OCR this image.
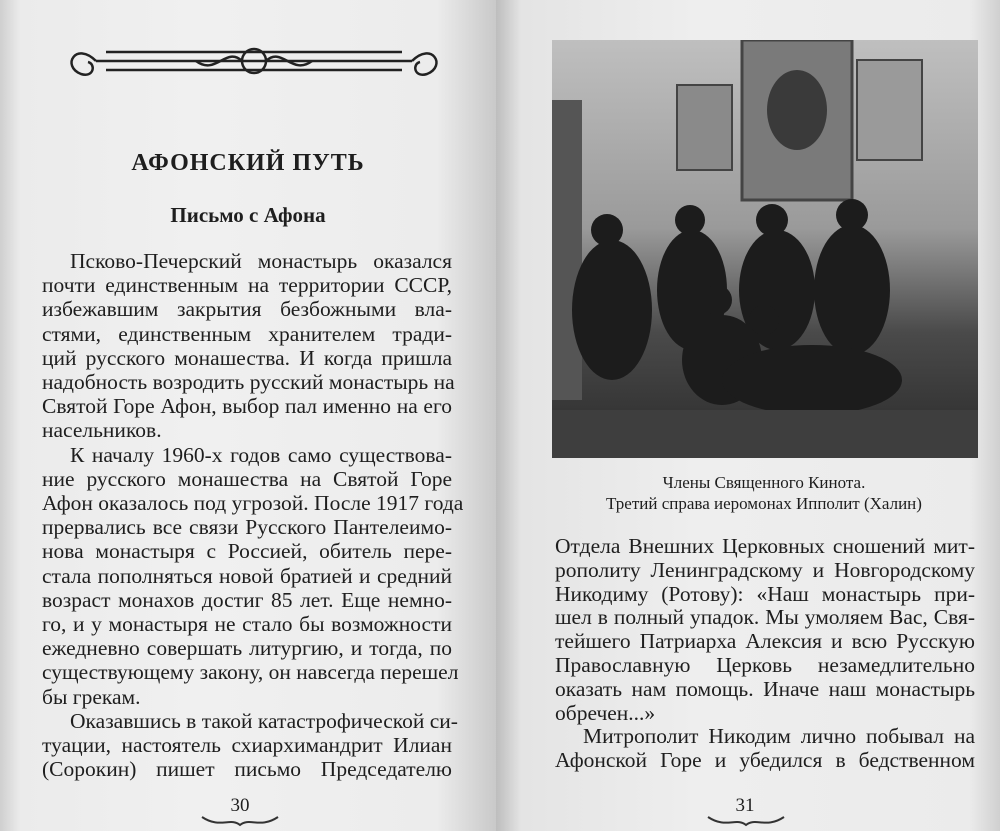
АФОНСКИЙ ПУТЬ
Письмо с Афона
Псково-Печерский монастырь оказался
почти единственным на территории СССР,
избежавшим закрытия безбожными вла-
стями, единственным хранителем тради-
ций русского монашества. И когда пришла
надобность возродить русский монастырь на
Святой Горе Афон, выбор пал именно на его
насельников.
К началу 1960-х годов само существова-
ние русского монашества на Святой Горе
Афон оказалось под угрозой. После 1917 года
прервались все связи Русского Пантелеимо-
нова монастыря с Россией, обитель пере-
стала пополняться новой братией и средний
возраст монахов достиг 85 лет. Еще немно-
го, и у монастыря не стало бы возможности
ежедневно совершать литургию, и тогда, по
существующему закону, он навсегда перешел
бы грекам.
Оказавшись в такой катастрофической си-
туации, настоятель схиархимандрит Илиан
(Сорокин) пишет письмо Председателю
30
Члены Священного Кинота.
Третий справа иеромонах Ипполит (Халин)
Отдела Внешних Церковных сношений мит-
рополиту Ленинградскому и Новгородскому
Никодиму (Ротову): «Наш монастырь при-
шел в полный упадок. Мы умоляем Вас, Свя-
тейшего Патриарха Алексия и всю Русскую
Православную Церковь незамедлительно
оказать нам помощь. Иначе наш монастырь
обречен...»
Митрополит Никодим лично побывал на
Афонской Горе и убедился в бедственном
31
